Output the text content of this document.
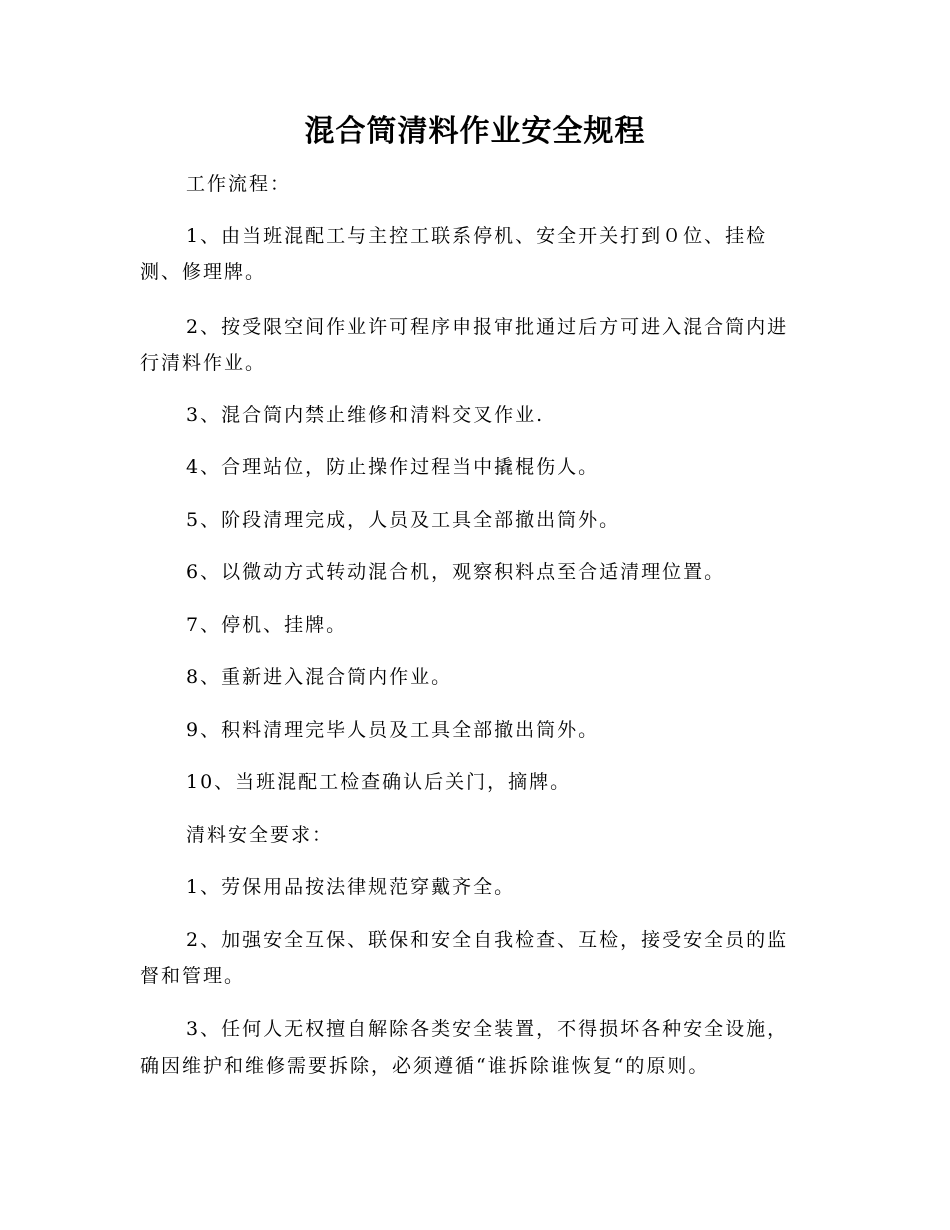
混合筒清料作业安全规程
工作流程：
1、由当班混配工与主控工联系停机、安全开关打到０位、挂检
测、修理牌。
2、按受限空间作业许可程序申报审批通过后方可进入混合筒内进
行清料作业。
3、混合筒内禁止维修和清料交叉作业.
4、合理站位，防止操作过程当中撬棍伤人。
5、阶段清理完成，人员及工具全部撤出筒外。
6、以微动方式转动混合机，观察积料点至合适清理位置。
7、停机、挂牌。
8、重新进入混合筒内作业。
9、积料清理完毕人员及工具全部撤出筒外。
10、当班混配工检查确认后关门，摘牌。
清料安全要求：
1、劳保用品按法律规范穿戴齐全。
2、加强安全互保、联保和安全自我检查、互检，接受安全员的监
督和管理。
3、任何人无权擅自解除各类安全装置，不得损坏各种安全设施，
确因维护和维修需要拆除，必须遵循“谁拆除谁恢复“的原则。
